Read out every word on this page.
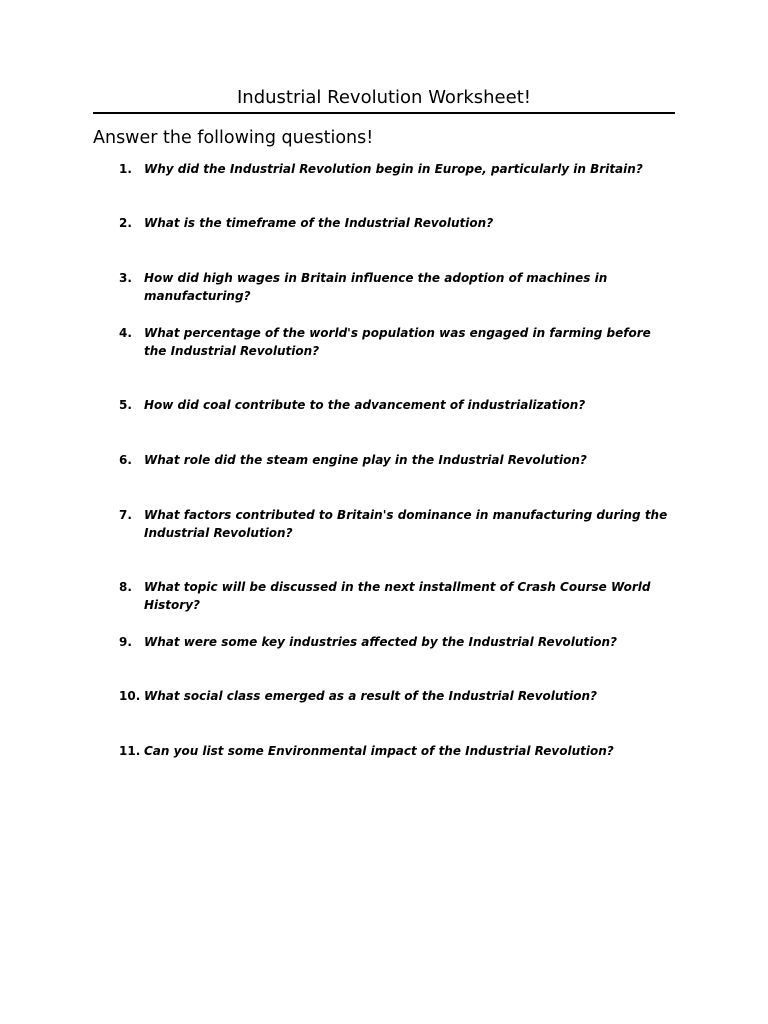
Industrial Revolution Worksheet!
Answer the following questions!
1.	Why did the Industrial Revolution begin in Europe, particularly in Britain?
2.	What is the timeframe of the Industrial Revolution?
3.	How did high wages in Britain influence the adoption of machines in manufacturing?
4.	What percentage of the world's population was engaged in farming before the Industrial Revolution?
5.	How did coal contribute to the advancement of industrialization?
6.	What role did the steam engine play in the Industrial Revolution?
7.	What factors contributed to Britain's dominance in manufacturing during the Industrial Revolution?
8.	What topic will be discussed in the next installment of Crash Course World History?
9.	What were some key industries affected by the Industrial Revolution?
10. What social class emerged as a result of the Industrial Revolution?
11. Can you list some Environmental impact of the Industrial Revolution?
